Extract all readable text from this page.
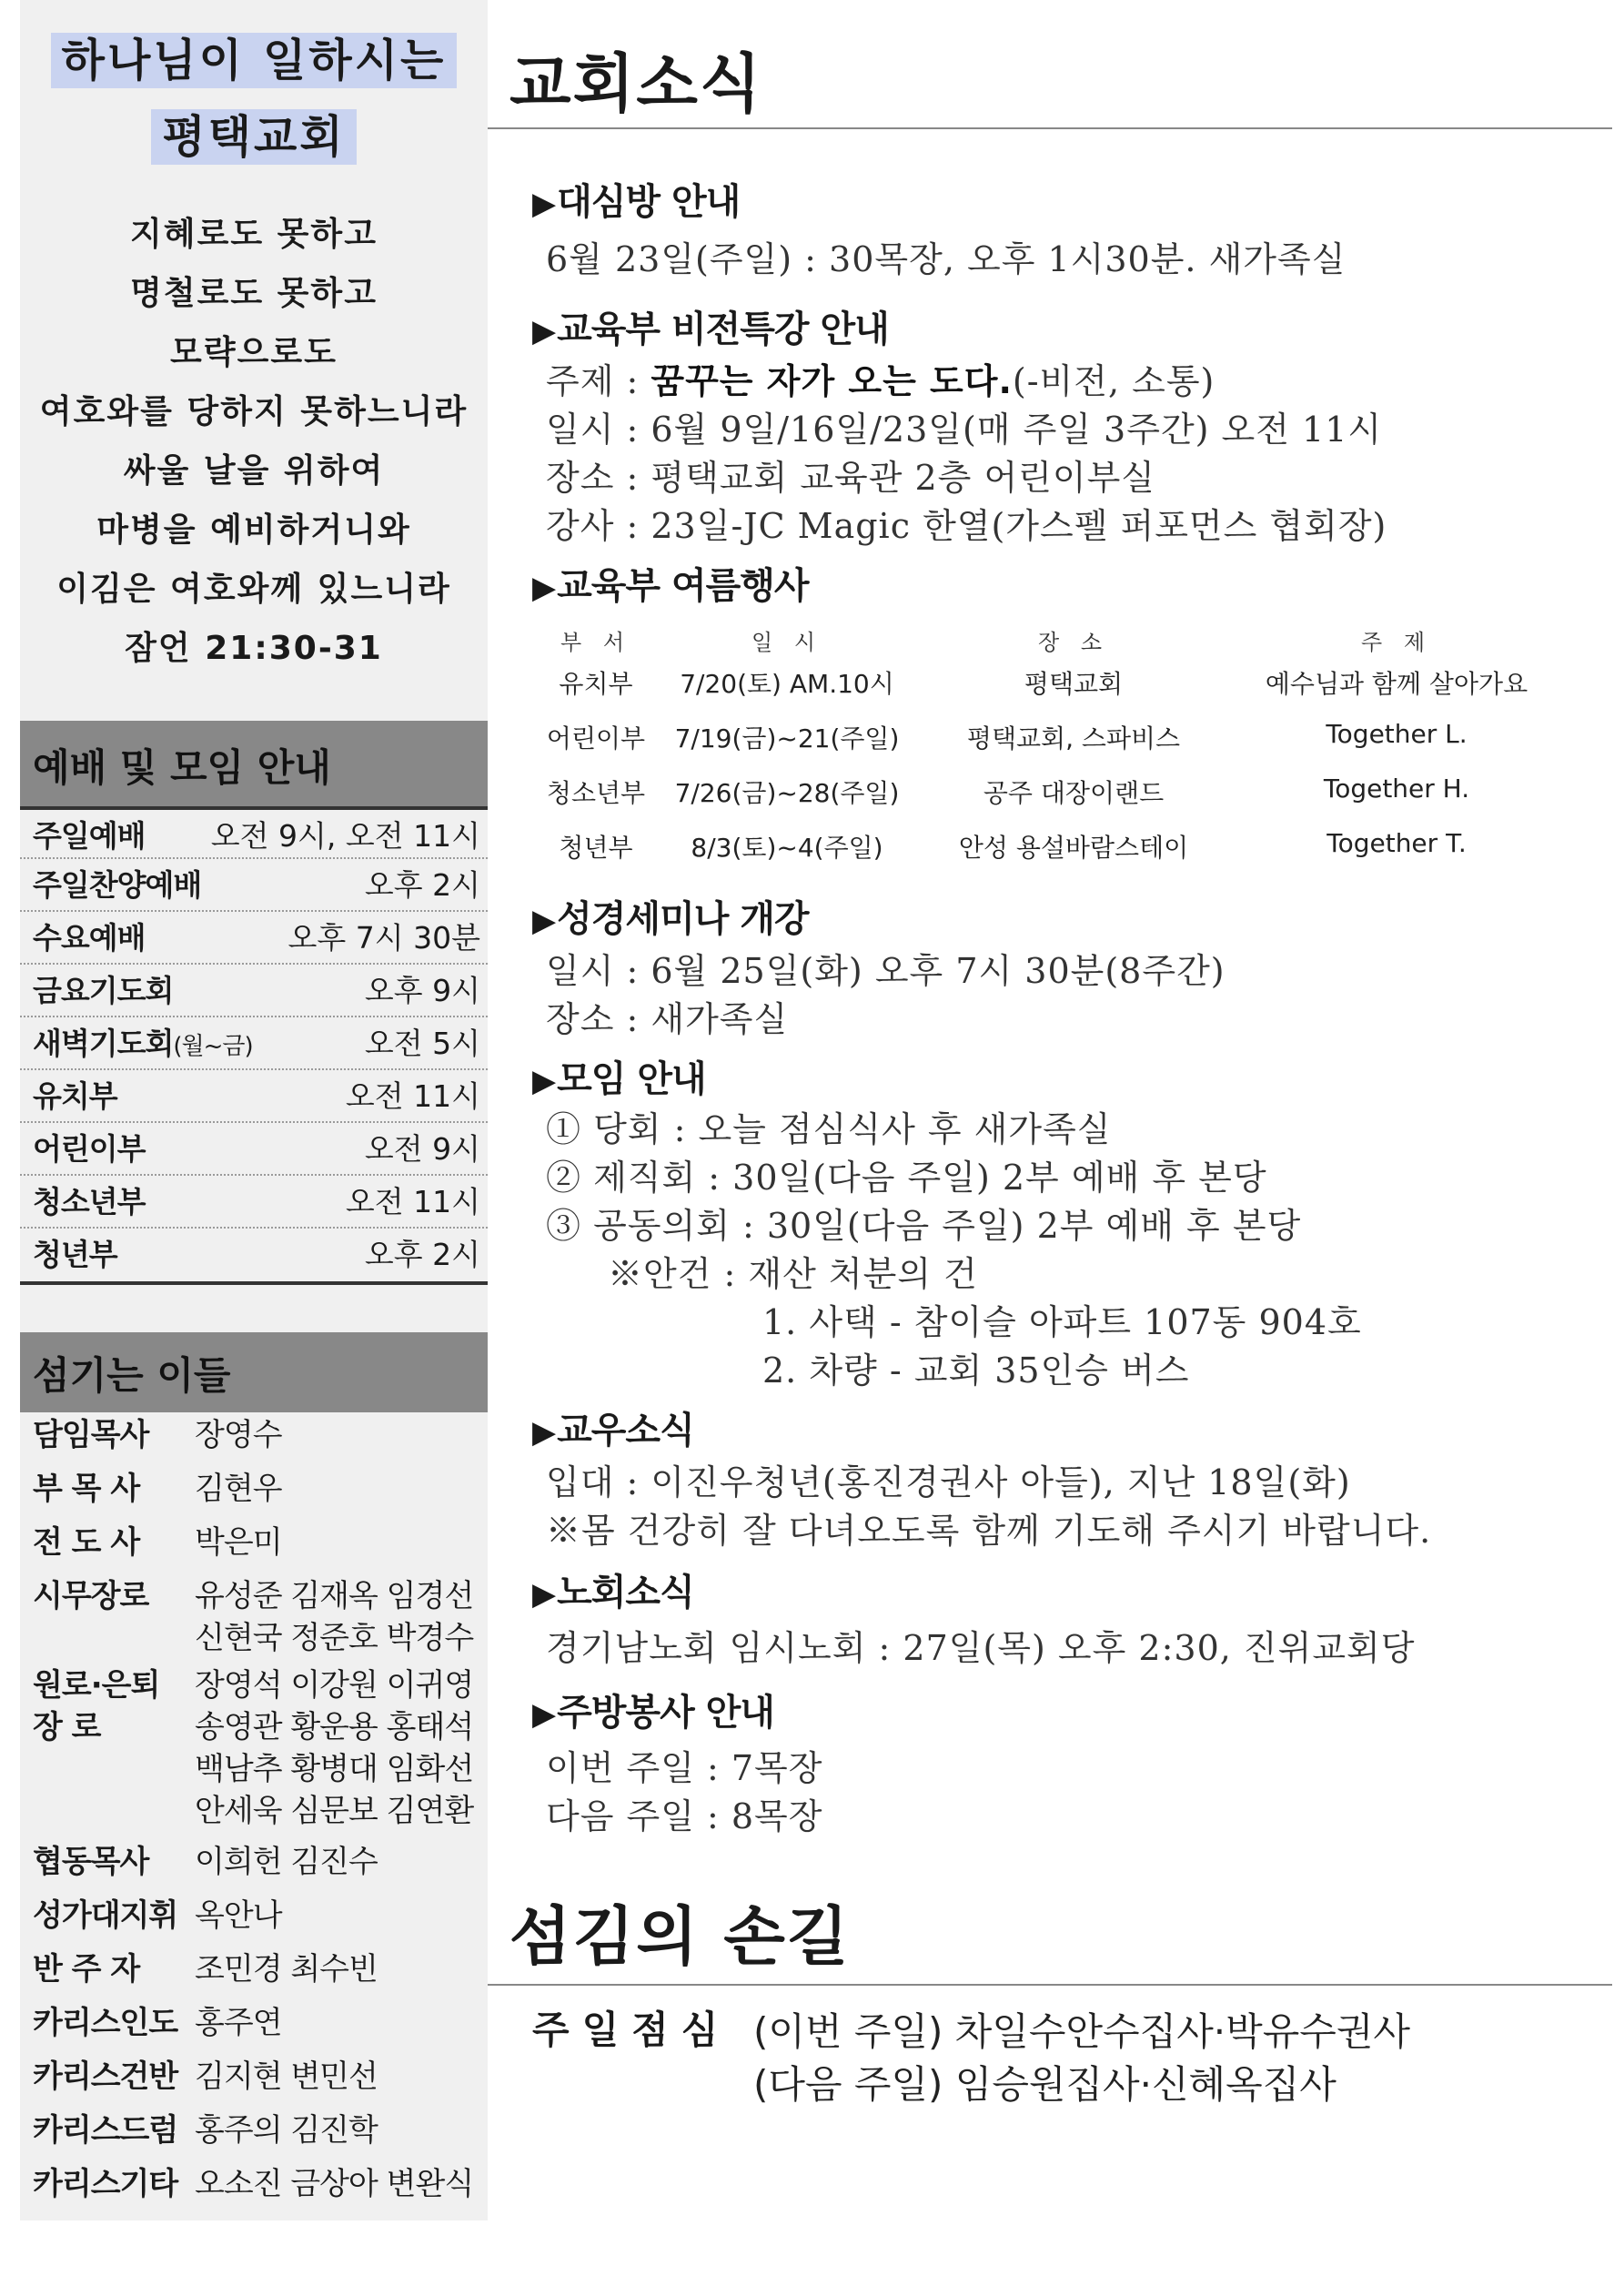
하나님이 일하시는
평택교회
지혜로도 못하고
명철로도 못하고
모략으로도
여호와를 당하지 못하느니라
싸울 날을 위하여
마병을 예비하거니와
이김은 여호와께 있느니라
잠언 21:30-31
예배 및 모임 안내
주일예배 오전 9시, 오전 11시
주일찬양예배	오후 2시
수요예배	오후 7시 30분
금요기도회	오후 9시
새벽기도회(월~금)	오전 5시
유치부	오전 11시
어린이부	오전 9시
청소년부	오전 11시
청년부	오후 2시
섬기는 이들
담임목사	장영수
부 목 사	김현우
전 도 사	박은미
시무장로	유성준 김재옥 임경선
신현국 정준호 박경수
원로·은퇴
장 로
장영석 이강원 이귀영
송영관 황운용 홍태석
백남추 황병대 임화선
안세욱 심문보 김연환
협동목사	이희헌 김진수
성가대지휘 옥안나
반 주 자	조민경 최수빈
카리스인도 홍주연
카리스건반 김지현 변민선
카리스드럼 홍주의 김진학
카리스기타 오소진 금상아 변완식
교회소식
▶대심방 안내
6월 23일(주일) : 30목장, 오후 1시30분. 새가족실
▶교육부 비전특강 안내
주제 : 꿈꾸는 자가 오는 도다.(-비전, 소통)
일시 : 6월 9일/16일/23일(매 주일 3주간) 오전 11시
장소 : 평택교회 교육관 2층 어린이부실
강사 : 23일-JC Magic 한열(가스펠 퍼포먼스 협회장)
▶교육부 여름행사
부 서	일 시	장 소	주 제
유치부	7/20(토) AM.10시	평택교회	예수님과 함께 살아가요
어린이부	7/19(금)~21(주일)	평택교회, 스파비스	Together L.
청소년부	7/26(금)~28(주일)	공주 대장이랜드	Together H.
청년부	8/3(토)~4(주일)	안성 용설바람스테이	Together T.
▶성경세미나 개강
일시 : 6월 25일(화) 오후 7시 30분(8주간)
장소 : 새가족실
▶모임 안내
① 당회 : 오늘 점심식사 후 새가족실
② 제직회 : 30일(다음 주일) 2부 예배 후 본당
③ 공동의회 : 30일(다음 주일) 2부 예배 후 본당
※안건 : 재산 처분의 건
1. 사택 - 참이슬 아파트 107동 904호
2. 차량 - 교회 35인승 버스
▶교우소식
입대 : 이진우청년(홍진경권사 아들), 지난 18일(화)
※몸 건강히 잘 다녀오도록 함께 기도해 주시기 바랍니다.
▶노회소식
경기남노회 임시노회 : 27일(목) 오후 2:30, 진위교회당
▶주방봉사 안내
이번 주일 : 7목장
다음 주일 : 8목장
섬김의 손길
주일점심 (이번 주일) 차일수안수집사·박유수권사
(다음 주일) 임승원집사·신혜옥집사
